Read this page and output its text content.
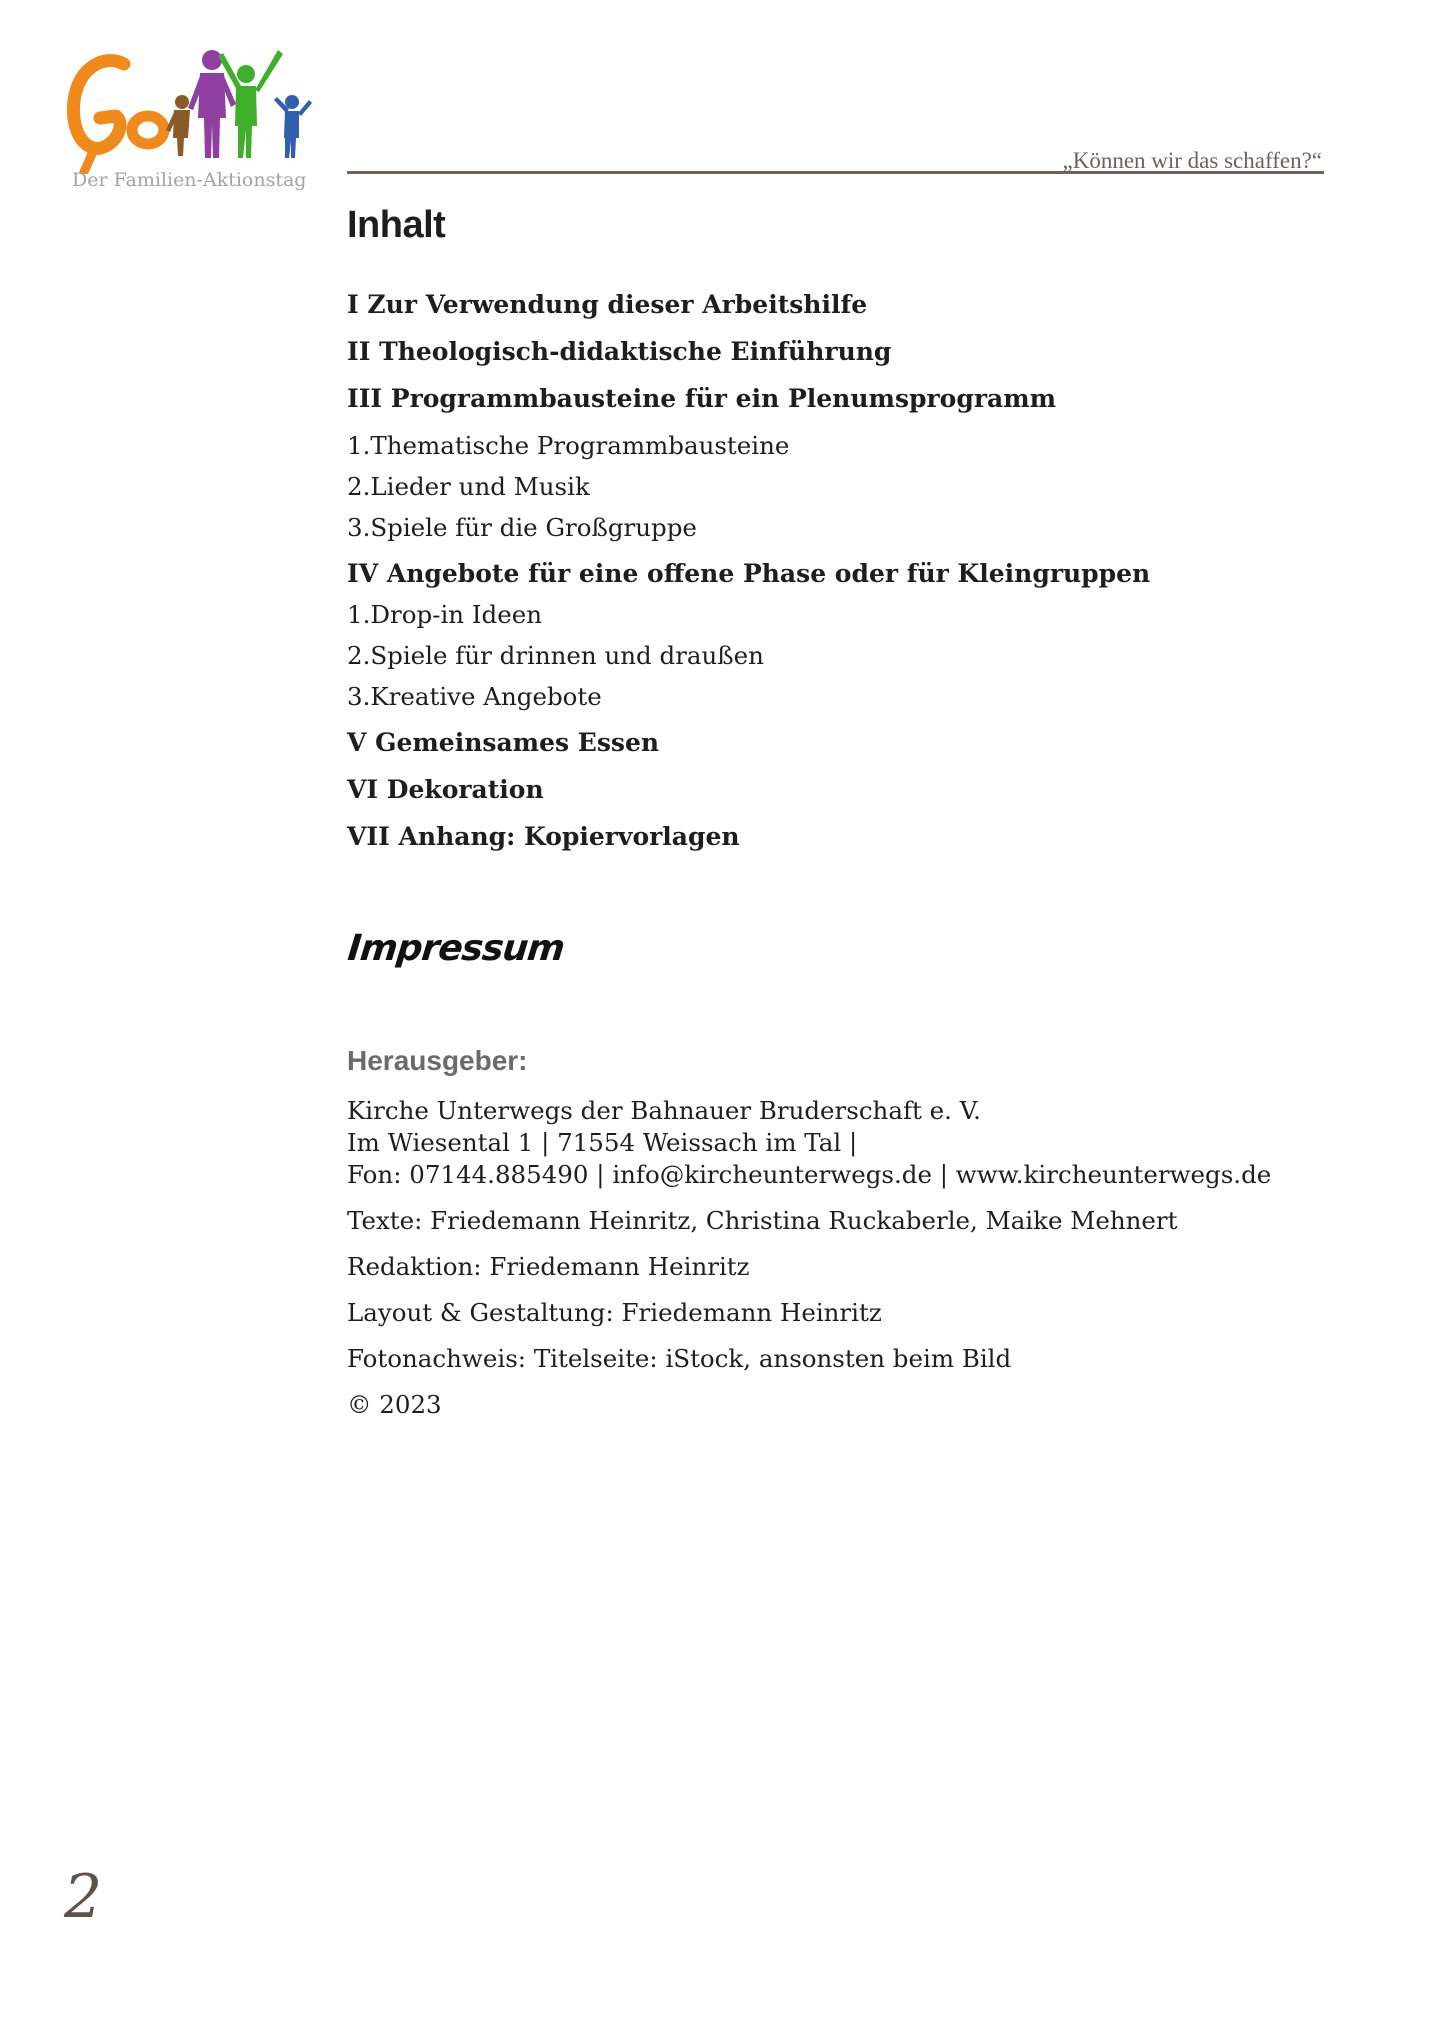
Der Familien-Aktionstag
„Können wir das schaffen?“
Inhalt
I Zur Verwendung dieser Arbeitshilfe
II Theologisch-didaktische Einführung
III Programmbausteine für ein Plenumsprogramm
1.Thematische Programmbausteine
2.Lieder und Musik
3.Spiele für die Großgruppe
IV Angebote für eine offene Phase oder für Kleingruppen
1.Drop-in Ideen
2.Spiele für drinnen und draußen
3.Kreative Angebote
V Gemeinsames Essen
VI Dekoration
VII Anhang: Kopiervorlagen
Impressum
Herausgeber:
Kirche Unterwegs der Bahnauer Bruderschaft e. V.
Im Wiesental 1 | 71554 Weissach im Tal |
Fon: 07144.885490 | info@kircheunterwegs.de | www.kircheunterwegs.de
Texte: Friedemann Heinritz, Christina Ruckaberle, Maike Mehnert
Redaktion: Friedemann Heinritz
Layout & Gestaltung: Friedemann Heinritz
Fotonachweis: Titelseite: iStock, ansonsten beim Bild
© 2023
2
